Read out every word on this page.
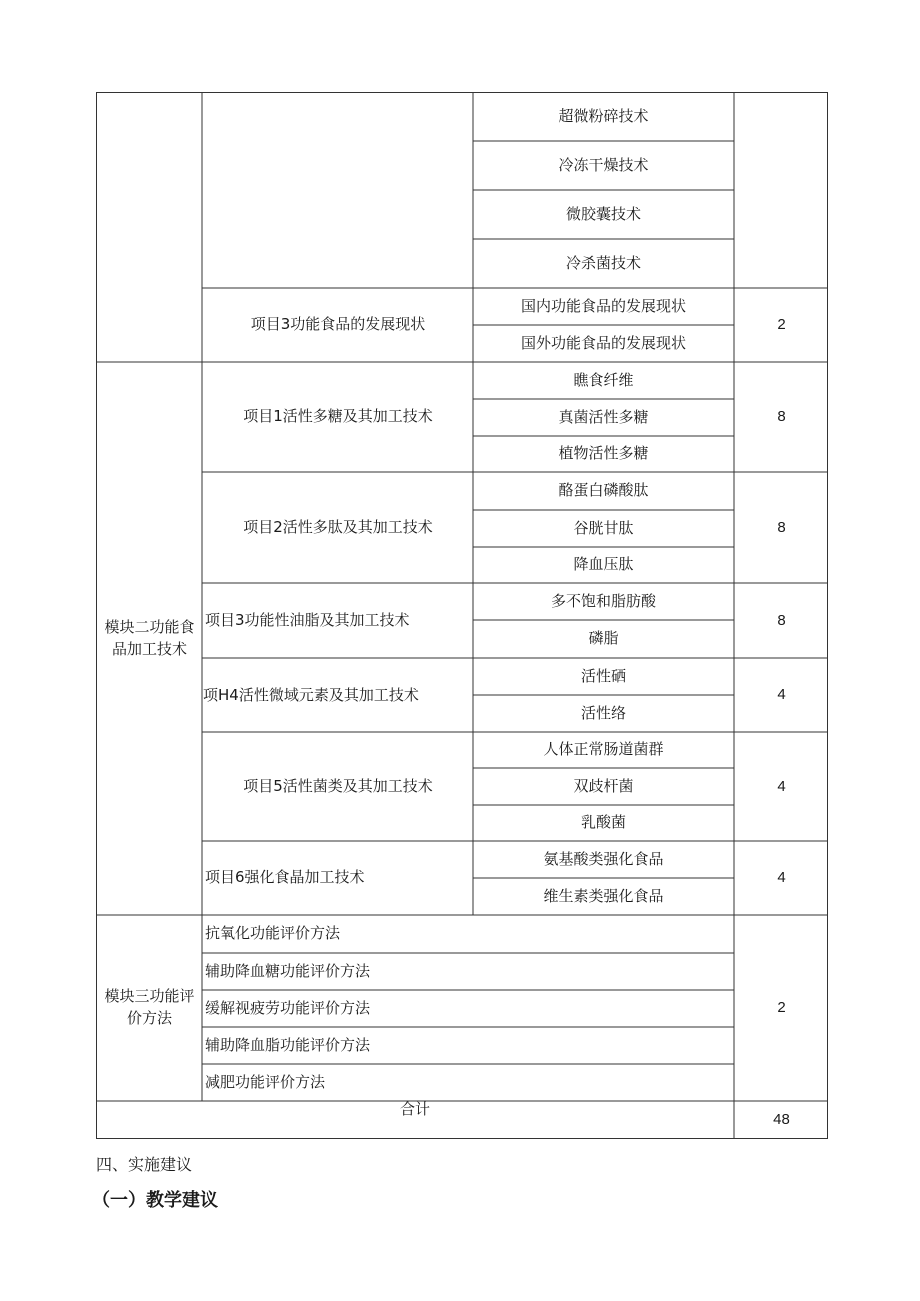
超微粉碎技术
冷冻干燥技术
微胶囊技术
冷杀菌技术
项目3功能食品的发展现状
国内功能食品的发展现状
国外功能食品的发展现状
2
模块二功能食品加工技术
项目1活性多糖及其加工技术
瞧食纤维
真菌活性多糖
植物活性多糖
8
项目2活性多肽及其加工技术
酪蛋白磷酸肽
谷胱甘肽
降血压肽
8
项目3功能性油脂及其加工技术
多不饱和脂肪酸
磷脂
8
项H4活性微域元素及其加工技术
活性硒
活性络
4
项目5活性菌类及其加工技术
人体正常肠道菌群
双歧杆菌
乳酸菌
4
项目6强化食晶加工技术
氨基酸类强化食品
维生素类强化食品
4
模块三功能评价方法
抗氧化功能评价方法
辅助降血糖功能评价方法
缓解视疲劳功能评价方法
辅助降血脂功能评价方法
减肥功能评价方法
2
合计
48
四、实施建议
（一）教学建议
